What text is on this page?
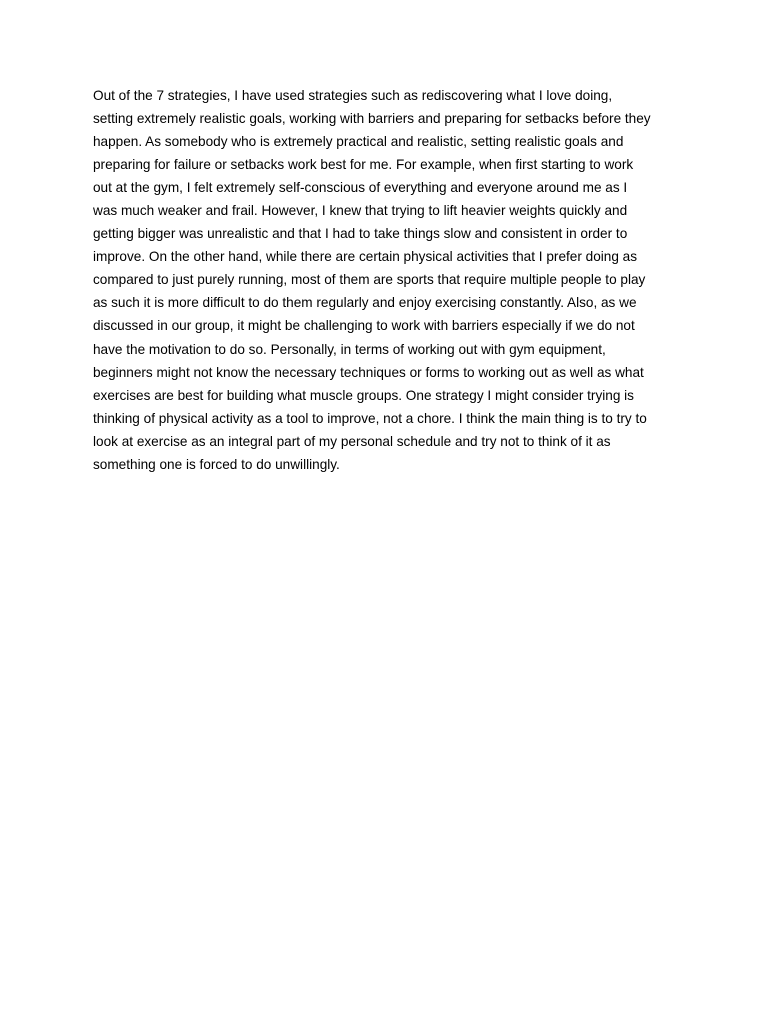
Out of the 7 strategies, I have used strategies such as rediscovering what I love doing,
setting extremely realistic goals, working with barriers and preparing for setbacks before they
happen. As somebody who is extremely practical and realistic, setting realistic goals and
preparing for failure or setbacks work best for me. For example, when first starting to work
out at the gym, I felt extremely self-conscious of everything and everyone around me as I
was much weaker and frail. However, I knew that trying to lift heavier weights quickly and
getting bigger was unrealistic and that I had to take things slow and consistent in order to
improve. On the other hand, while there are certain physical activities that I prefer doing as
compared to just purely running, most of them are sports that require multiple people to play
as such it is more difficult to do them regularly and enjoy exercising constantly. Also, as we
discussed in our group, it might be challenging to work with barriers especially if we do not
have the motivation to do so. Personally, in terms of working out with gym equipment,
beginners might not know the necessary techniques or forms to working out as well as what
exercises are best for building what muscle groups. One strategy I might consider trying is
thinking of physical activity as a tool to improve, not a chore. I think the main thing is to try to
look at exercise as an integral part of my personal schedule and try not to think of it as
something one is forced to do unwillingly.
